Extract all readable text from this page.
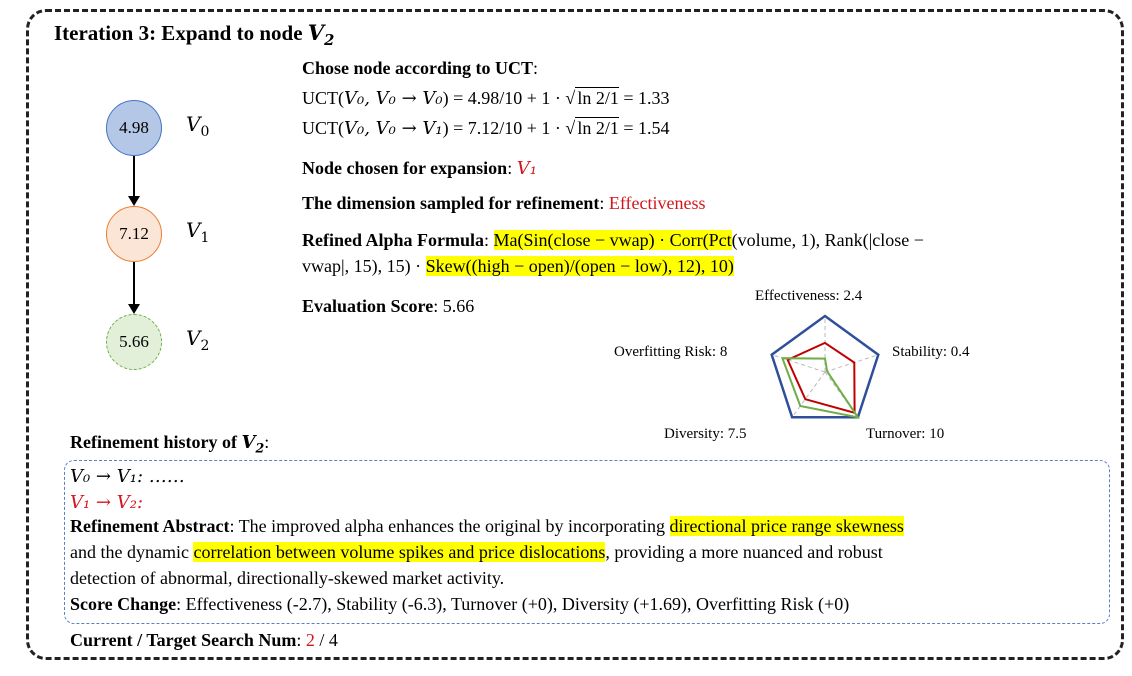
Iteration 3: Expand to node $V_2$
4.98 $V_0$
7.12 $V_1$
5.66 $V_2$
Chose node according to UCT:
UCT(V₀, V₀ → V₀) = 4.98/10 + 1 · √ ln 2/1 = 1.33
UCT(V₀, V₀ → V₁) = 7.12/10 + 1 · √ ln 2/1 = 1.54
Node chosen for expansion: V₁
The dimension sampled for refinement: Effectiveness
Refined Alpha Formula: Ma(Sin(close − vwap) · Corr(Pct(volume, 1), Rank(|close −
vwap|, 15), 15) · Skew((high − open)/(open − low), 12), 10)
Evaluation Score: 5.66	Effectiveness: 2.4
Stability: 0.4
Turnover: 10
Diversity: 7.5
Overfitting Risk: 8
Refinement history of $V_2$:
V₀ → V₁: ……
V₁ → V₂:
Refinement Abstract: The improved alpha enhances the original by incorporating directional price range skewness
and the dynamic correlation between volume spikes and price dislocations, providing a more nuanced and robust
detection of abnormal, directionally-skewed market activity.
Score Change: Effectiveness (-2.7), Stability (-6.3), Turnover (+0), Diversity (+1.69), Overfitting Risk (+0)
Current / Target Search Num: 2 / 4
